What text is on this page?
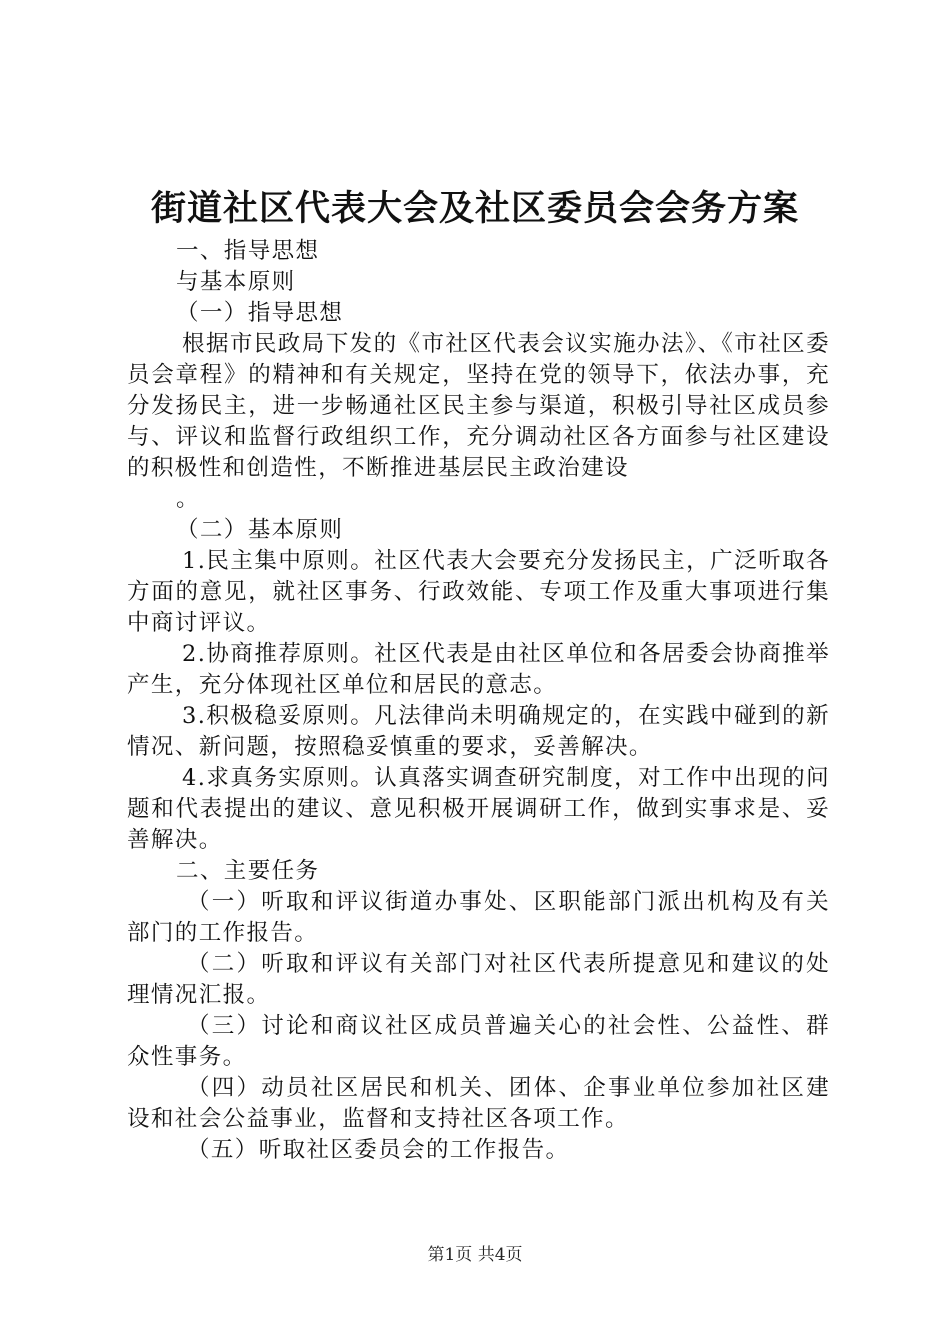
街道社区代表大会及社区委员会会务方案

一、指导思想

与基本原则

（一）指导思想

根据市民政局下发的《市社区代表会议实施办法》、《市社区委员会章程》的精神和有关规定，坚持在党的领导下，依法办事，充分发扬民主，进一步畅通社区民主参与渠道，积极引导社区成员参与、评议和监督行政组织工作，充分调动社区各方面参与社区建设的积极性和创造性，不断推进基层民主政治建设

。

（二）基本原则

1.民主集中原则。社区代表大会要充分发扬民主，广泛听取各方面的意见，就社区事务、行政效能、专项工作及重大事项进行集中商讨评议。

2.协商推荐原则。社区代表是由社区单位和各居委会协商推举产生，充分体现社区单位和居民的意志。

3.积极稳妥原则。凡法律尚未明确规定的，在实践中碰到的新情况、新问题，按照稳妥慎重的要求，妥善解决。

4.求真务实原则。认真落实调查研究制度，对工作中出现的问题和代表提出的建议、意见积极开展调研工作，做到实事求是、妥善解决。

二、主要任务

（一）听取和评议街道办事处、区职能部门派出机构及有关部门的工作报告。

（二）听取和评议有关部门对社区代表所提意见和建议的处理情况汇报。

（三）讨论和商议社区成员普遍关心的社会性、公益性、群众性事务。

（四）动员社区居民和机关、团体、企事业单位参加社区建设和社会公益事业，监督和支持社区各项工作。

（五）听取社区委员会的工作报告。

第1页 共4页
